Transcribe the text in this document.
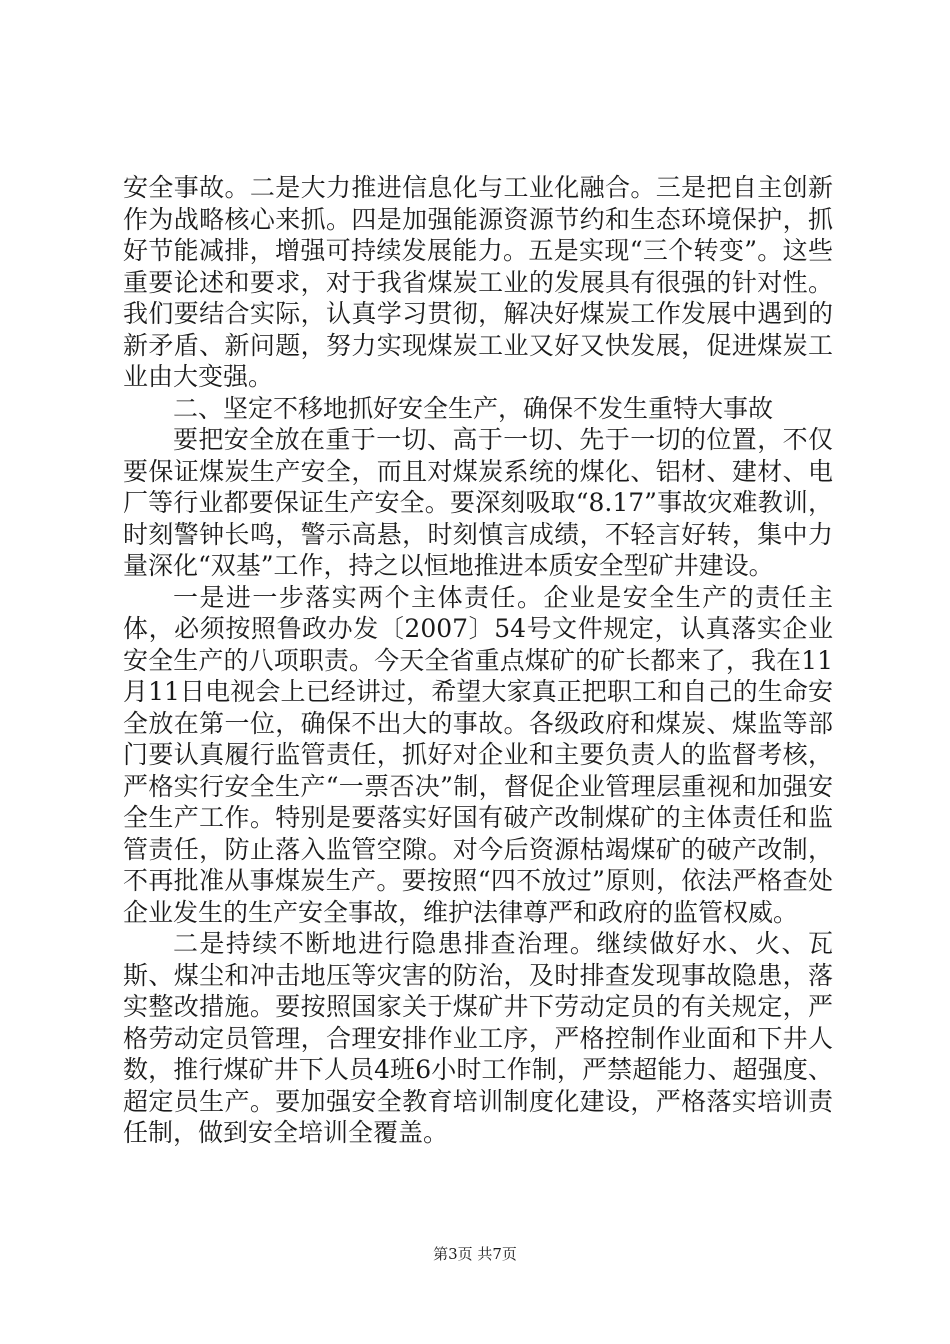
安全事故。二是大力推进信息化与工业化融合。三是把自主创新作为战略核心来抓。四是加强能源资源节约和生态环境保护，抓好节能减排，增强可持续发展能力。五是实现“三个转变”。这些重要论述和要求，对于我省煤炭工业的发展具有很强的针对性。我们要结合实际，认真学习贯彻，解决好煤炭工作发展中遇到的新矛盾、新问题，努力实现煤炭工业又好又快发展，促进煤炭工业由大变强。

二、坚定不移地抓好安全生产，确保不发生重特大事故

要把安全放在重于一切、高于一切、先于一切的位置，不仅要保证煤炭生产安全，而且对煤炭系统的煤化、铝材、建材、电厂等行业都要保证生产安全。要深刻吸取“8.17”事故灾难教训，时刻警钟长鸣，警示高悬，时刻慎言成绩，不轻言好转，集中力量深化“双基”工作，持之以恒地推进本质安全型矿井建设。

一是进一步落实两个主体责任。企业是安全生产的责任主体，必须按照鲁政办发〔2007〕54号文件规定，认真落实企业安全生产的八项职责。今天全省重点煤矿的矿长都来了，我在11月11日电视会上已经讲过，希望大家真正把职工和自己的生命安全放在第一位，确保不出大的事故。各级政府和煤炭、煤监等部门要认真履行监管责任，抓好对企业和主要负责人的监督考核，严格实行安全生产“一票否决”制，督促企业管理层重视和加强安全生产工作。特别是要落实好国有破产改制煤矿的主体责任和监管责任，防止落入监管空隙。对今后资源枯竭煤矿的破产改制，不再批准从事煤炭生产。要按照“四不放过”原则，依法严格查处企业发生的生产安全事故，维护法律尊严和政府的监管权威。

二是持续不断地进行隐患排查治理。继续做好水、火、瓦斯、煤尘和冲击地压等灾害的防治，及时排查发现事故隐患，落实整改措施。要按照国家关于煤矿井下劳动定员的有关规定，严格劳动定员管理，合理安排作业工序，严格控制作业面和下井人数，推行煤矿井下人员4班6小时工作制，严禁超能力、超强度、超定员生产。要加强安全教育培训制度化建设，严格落实培训责任制，做到安全培训全覆盖。

第3页 共7页
